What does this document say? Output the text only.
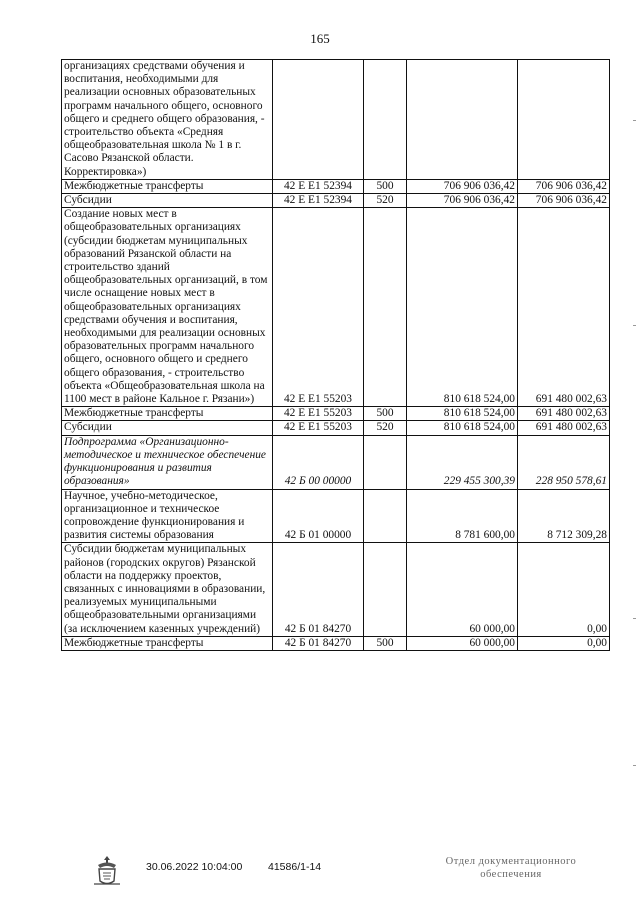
165
организациях средствами обучения и воспитания, необходимыми для реализации основных образовательных программ начального общего, основного общего и среднего общего образования, - строительство объекта «Средняя общеобразовательная школа № 1 в г. Сасово Рязанской области. Корректировка»)				
Межбюджетные трансферты	42 Е Е1 52394	500	706 906 036,42	706 906 036,42
Субсидии	42 Е Е1 52394	520	706 906 036,42	706 906 036,42
Создание новых мест в общеобразовательных организациях (субсидии бюджетам муниципальных образований Рязанской области на строительство зданий общеобразовательных организаций, в том числе оснащение новых мест в общеобразовательных организациях средствами обучения и воспитания, необходимыми для реализации основных образовательных программ начального общего, основного общего и среднего общего образования, - строительство объекта «Общеобразовательная школа на 1100 мест в районе Кальное г. Рязани»)	42 Е Е1 55203		810 618 524,00	691 480 002,63
Межбюджетные трансферты	42 Е Е1 55203	500	810 618 524,00	691 480 002,63
Субсидии	42 Е Е1 55203	520	810 618 524,00	691 480 002,63
Подпрограмма «Организационно-методическое и техническое обеспечение функционирования и развития образования»	42 Б 00 00000		229 455 300,39	228 950 578,61
Научное, учебно-методическое, организационное и техническое сопровождение функционирования и развития системы образования	42 Б 01 00000		8 781 600,00	8 712 309,28
Субсидии бюджетам муниципальных районов (городских округов) Рязанской области на поддержку проектов, связанных с инновациями в образовании, реализуемых муниципальными общеобразовательными организациями (за исключением казенных учреждений)	42 Б 01 84270		60 000,00	0,00
Межбюджетные трансферты	42 Б 01 84270	500	60 000,00	0,00
30.06.2022 10:04:00 41586/1-14	Отдел документационного
обеспечения
